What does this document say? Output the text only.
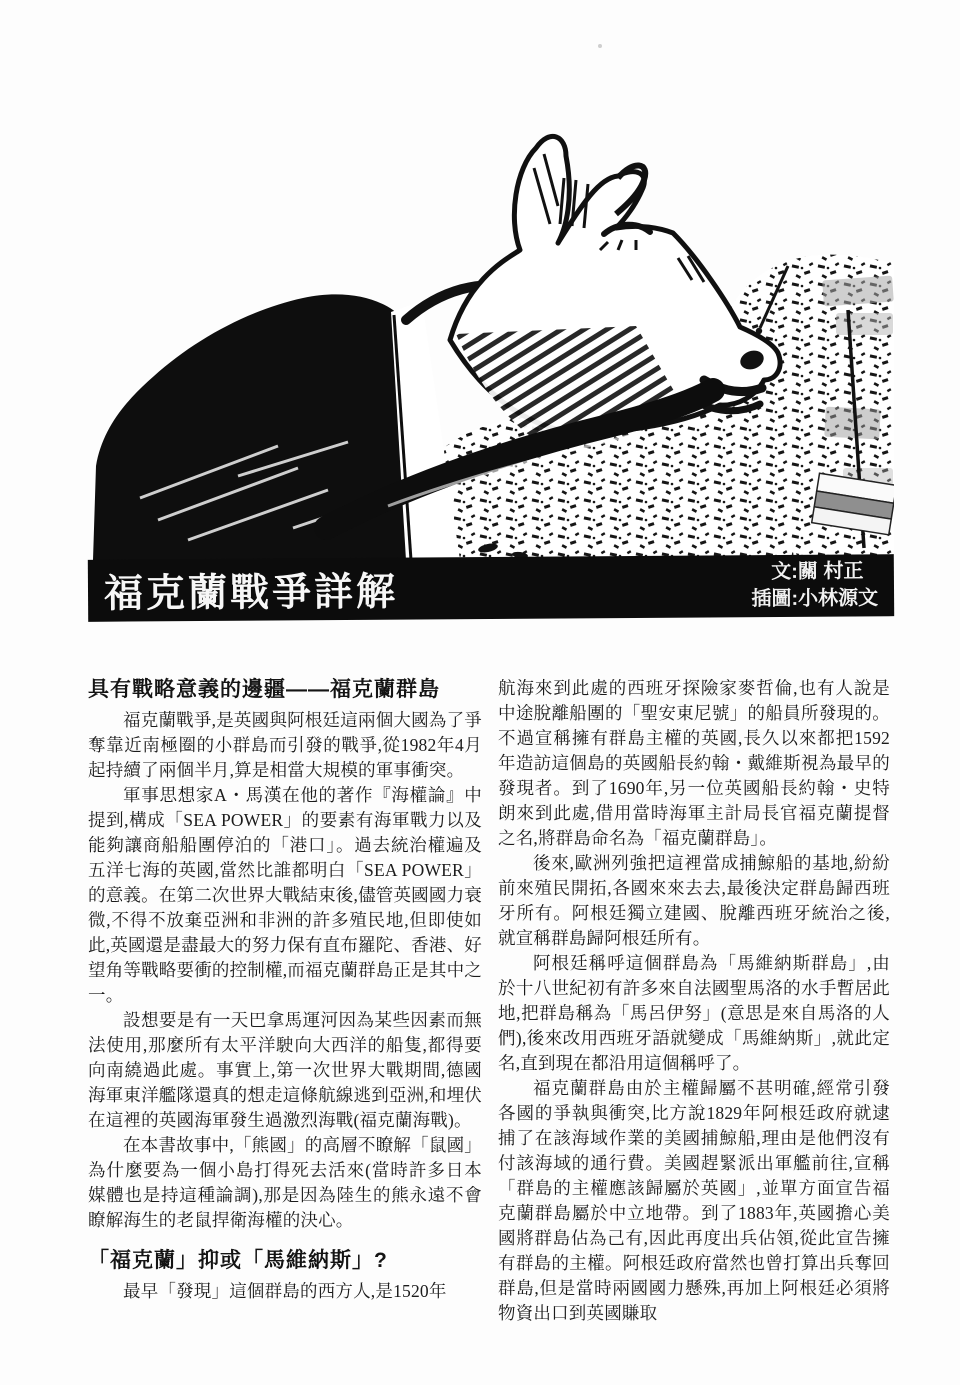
福克蘭戰爭詳解	文:關 村正
插圖:小林源文
具有戰略意義的邊疆——福克蘭群島

福克蘭戰爭,是英國與阿根廷這兩個大國為了爭奪靠近南極圈的小群島而引發的戰爭,從1982年4月起持續了兩個半月,算是相當大規模的軍事衝突。

軍事思想家A・馬漢在他的著作『海權論』中提到,構成「SEA POWER」的要素有海軍戰力以及能夠讓商船船團停泊的「港口」。過去統治權遍及五洋七海的英國,當然比誰都明白「SEA POWER」的意義。在第二次世界大戰結束後,儘管英國國力衰微,不得不放棄亞洲和非洲的許多殖民地,但即使如此,英國還是盡最大的努力保有直布羅陀、香港、好望角等戰略要衝的控制權,而福克蘭群島正是其中之一。

設想要是有一天巴拿馬運河因為某些因素而無法使用,那麼所有太平洋駛向大西洋的船隻,都得要向南繞過此處。事實上,第一次世界大戰期間,德國海軍東洋艦隊還真的想走這條航線逃到亞洲,和埋伏在這裡的英國海軍發生過激烈海戰(福克蘭海戰)。

在本書故事中,「熊國」的高層不瞭解「鼠國」為什麼要為一個小島打得死去活來(當時許多日本媒體也是持這種論調),那是因為陸生的熊永遠不會瞭解海生的老鼠捍衛海權的決心。

「福克蘭」抑或「馬維納斯」?

最早「發現」這個群島的西方人,是1520年

航海來到此處的西班牙探險家麥哲倫,也有人說是中途脫離船團的「聖安東尼號」的船員所發現的。不過宣稱擁有群島主權的英國,長久以來都把1592年造訪這個島的英國船長約翰・戴維斯視為最早的發現者。到了1690年,另一位英國船長約翰・史特朗來到此處,借用當時海軍主計局長官福克蘭提督之名,將群島命名為「福克蘭群島」。

後來,歐洲列強把這裡當成捕鯨船的基地,紛紛前來殖民開拓,各國來來去去,最後決定群島歸西班牙所有。阿根廷獨立建國、脫離西班牙統治之後,就宣稱群島歸阿根廷所有。

阿根廷稱呼這個群島為「馬維納斯群島」,由於十八世紀初有許多來自法國聖馬洛的水手暫居此地,把群島稱為「馬呂伊努」(意思是來自馬洛的人們),後來改用西班牙語就變成「馬維納斯」,就此定名,直到現在都沿用這個稱呼了。

福克蘭群島由於主權歸屬不甚明確,經常引發各國的爭執與衝突,比方說1829年阿根廷政府就逮捕了在該海域作業的美國捕鯨船,理由是他們沒有付該海域的通行費。美國趕緊派出軍艦前往,宣稱「群島的主權應該歸屬於英國」,並單方面宣告福克蘭群島屬於中立地帶。到了1883年,英國擔心美國將群島佔為己有,因此再度出兵佔領,從此宣告擁有群島的主權。阿根廷政府當然也曾打算出兵奪回群島,但是當時兩國國力懸殊,再加上阿根廷必須將物資出口到英國賺取
